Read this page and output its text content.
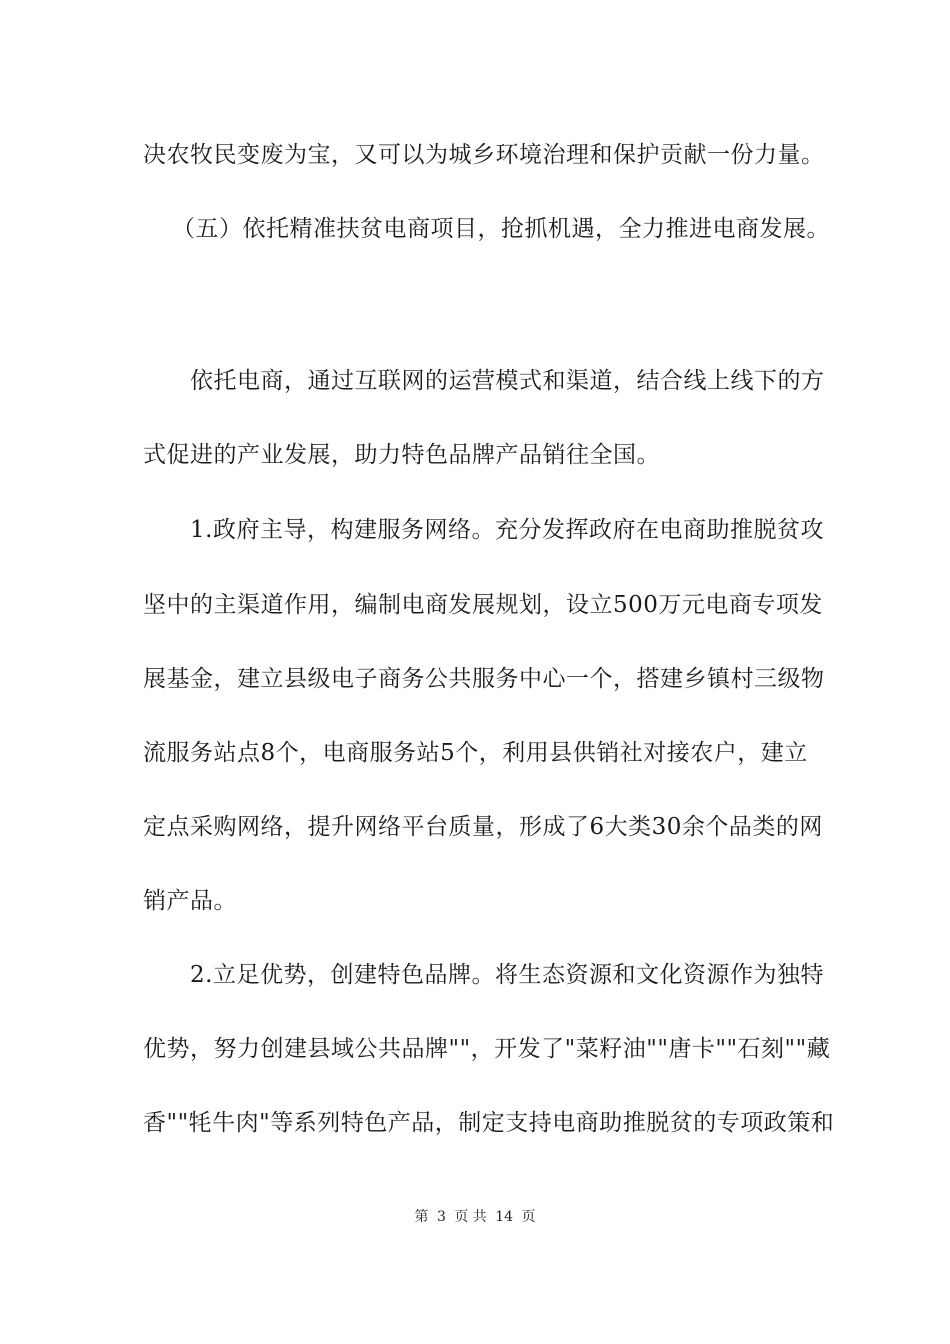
决农牧民变废为宝，又可以为城乡环境治理和保护贡献一份力量。
（五）依托精准扶贫电商项目，抢抓机遇，全力推进电商发展。
依托电商，通过互联网的运营模式和渠道，结合线上线下的方
式促进的产业发展，助力特色品牌产品销往全国。
1.政府主导，构建服务网络。充分发挥政府在电商助推脱贫攻
坚中的主渠道作用，编制电商发展规划，设立500万元电商专项发
展基金，建立县级电子商务公共服务中心一个，搭建乡镇村三级物
流服务站点8个，电商服务站5个，利用县供销社对接农户，建立
定点采购网络，提升网络平台质量，形成了6大类30余个品类的网
销产品。
2.立足优势，创建特色品牌。将生态资源和文化资源作为独特
优势，努力创建县域公共品牌""，开发了"菜籽油""唐卡""石刻""藏
香""牦牛肉"等系列特色产品，制定支持电商助推脱贫的专项政策和
第 3 页 共 14 页
